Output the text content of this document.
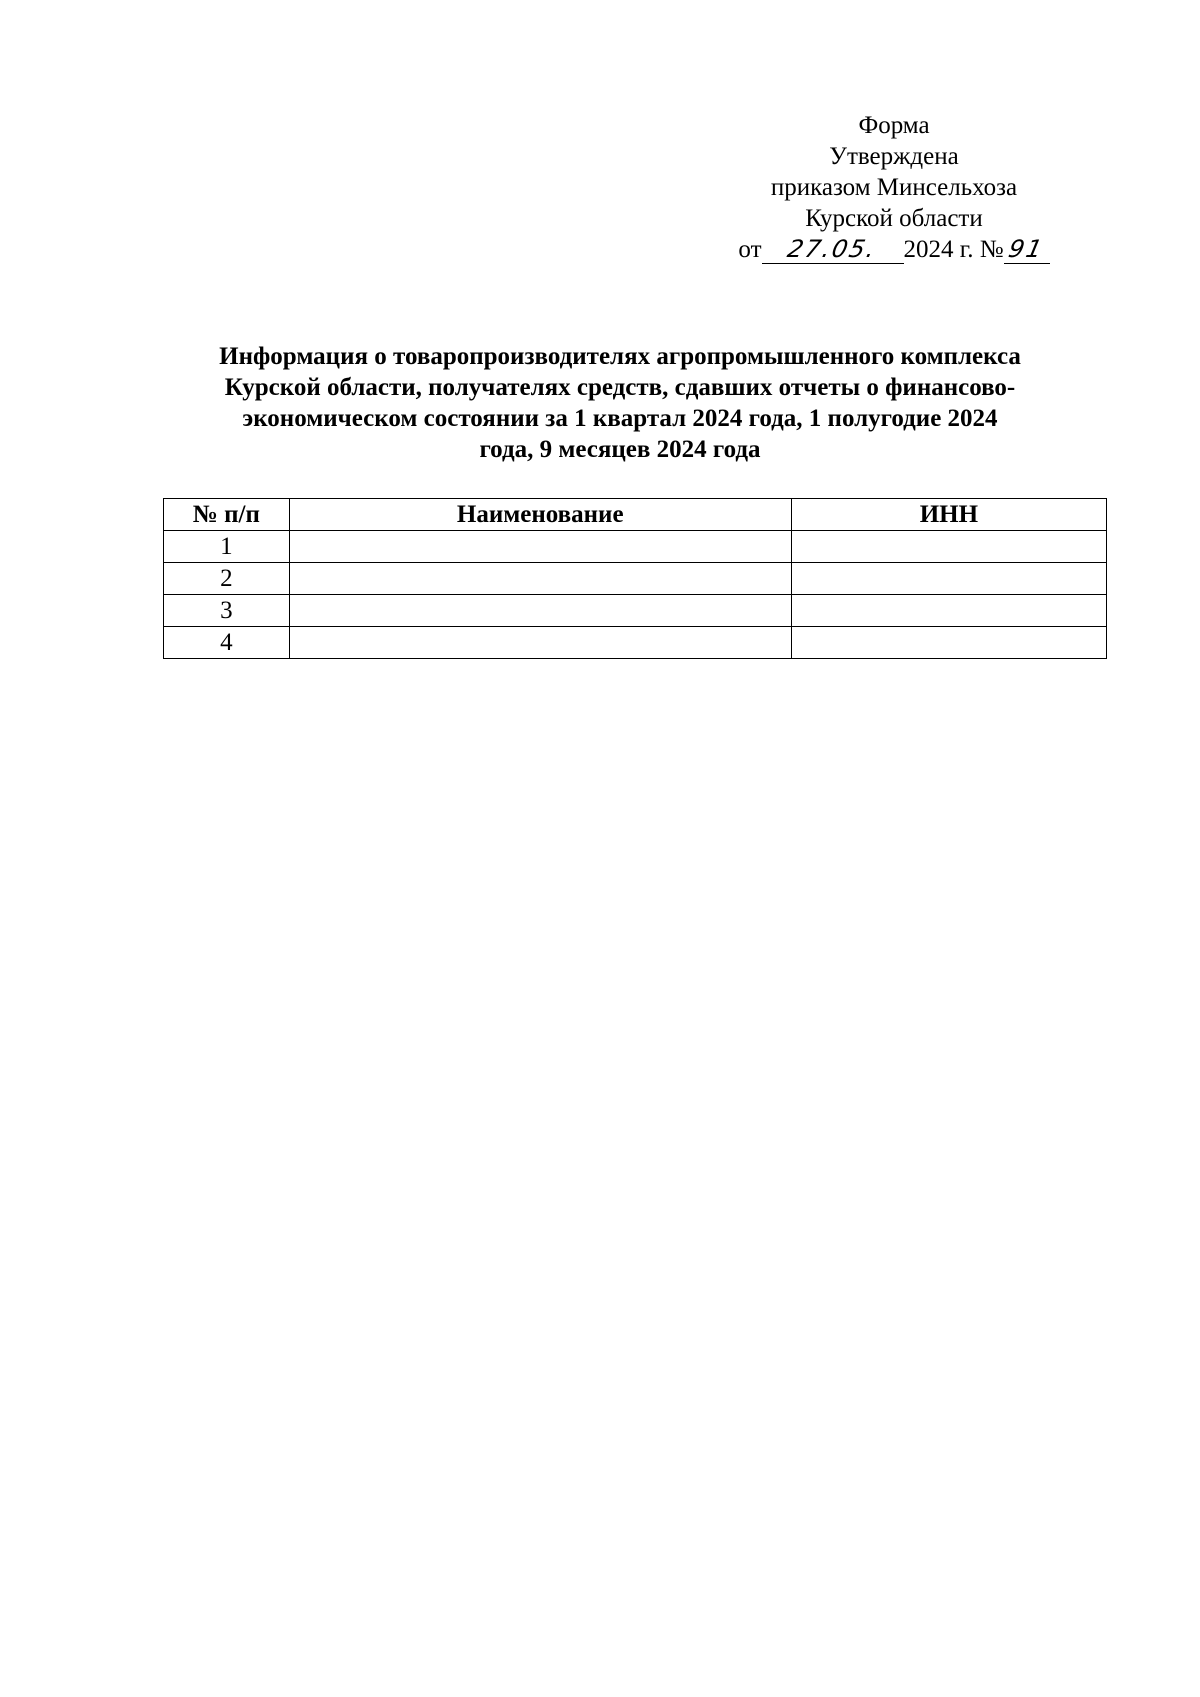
Форма
Утверждена
приказом Минсельхоза
Курской области
от 27.05. 2024 г. № 91
Информация о товаропроизводителях агропромышленного комплекса
Курской области, получателях средств, сдавших отчеты о финансово-
экономическом состоянии за 1 квартал 2024 года, 1 полугодие 2024
года, 9 месяцев 2024 года
№ п/п	Наименование	ИНН
1		
2		
3		
4		
